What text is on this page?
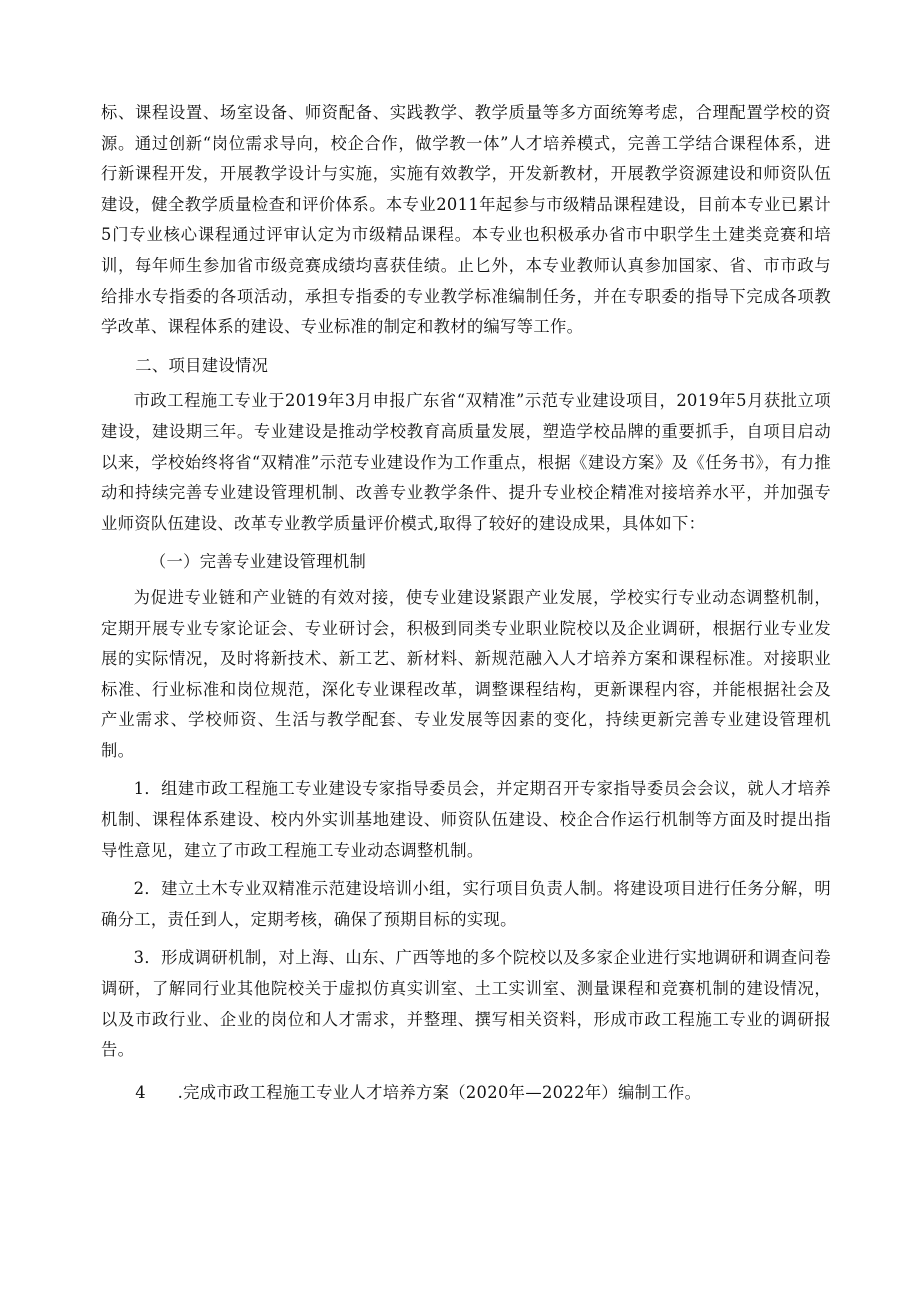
标、课程设置、场室设备、师资配备、实践教学、教学质量等多方面统筹考虑，合理配置学校的资源。通过创新“岗位需求导向，校企合作，做学教一体”人才培养模式，完善工学结合课程体系，进行新课程开发，开展教学设计与实施，实施有效教学，开发新教材，开展教学资源建设和师资队伍建设，健全教学质量检查和评价体系。本专业2011年起参与市级精品课程建设，目前本专业已累计5门专业核心课程通过评审认定为市级精品课程。本专业也积极承办省市中职学生土建类竞赛和培训，每年师生参加省市级竞赛成绩均喜获佳绩。止匕外，本专业教师认真参加国家、省、市市政与给排水专指委的各项活动，承担专指委的专业教学标准编制任务，并在专职委的指导下完成各项教学改革、课程体系的建设、专业标准的制定和教材的编写等工作。

二、项目建设情况

市政工程施工专业于2019年3月申报广东省“双精准”示范专业建设项目，2019年5月获批立项建设，建设期三年。专业建设是推动学校教育高质量发展，塑造学校品牌的重要抓手，自项目启动以来，学校始终将省“双精准”示范专业建设作为工作重点，根据《建设方案》及《任务书》，有力推动和持续完善专业建设管理机制、改善专业教学条件、提升专业校企精准对接培养水平，并加强专业师资队伍建设、改革专业教学质量评价模式,取得了较好的建设成果，具体如下：

（一）完善专业建设管理机制

为促进专业链和产业链的有效对接，使专业建设紧跟产业发展，学校实行专业动态调整机制，定期开展专业专家论证会、专业研讨会，积极到同类专业职业院校以及企业调研，根据行业专业发展的实际情况，及时将新技术、新工艺、新材料、新规范融入人才培养方案和课程标准。对接职业标准、行业标准和岗位规范，深化专业课程改革，调整课程结构，更新课程内容，并能根据社会及产业需求、学校师资、生活与教学配套、专业发展等因素的变化，持续更新完善专业建设管理机制。

1．组建市政工程施工专业建设专家指导委员会，并定期召开专家指导委员会会议，就人才培养机制、课程体系建设、校内外实训基地建设、师资队伍建设、校企合作运行机制等方面及时提出指导性意见，建立了市政工程施工专业动态调整机制。

2．建立土木专业双精准示范建设培训小组，实行项目负责人制。将建设项目进行任务分解，明确分工，责任到人，定期考核，确保了预期目标的实现。

3．形成调研机制，对上海、山东、广西等地的多个院校以及多家企业进行实地调研和调查问卷调研，了解同行业其他院校关于虚拟仿真实训室、土工实训室、测量课程和竞赛机制的建设情况，以及市政行业、企业的岗位和人才需求，并整理、撰写相关资料，形成市政工程施工专业的调研报告。

4 .完成市政工程施工专业人才培养方案（2020年—2022年）编制工作。
